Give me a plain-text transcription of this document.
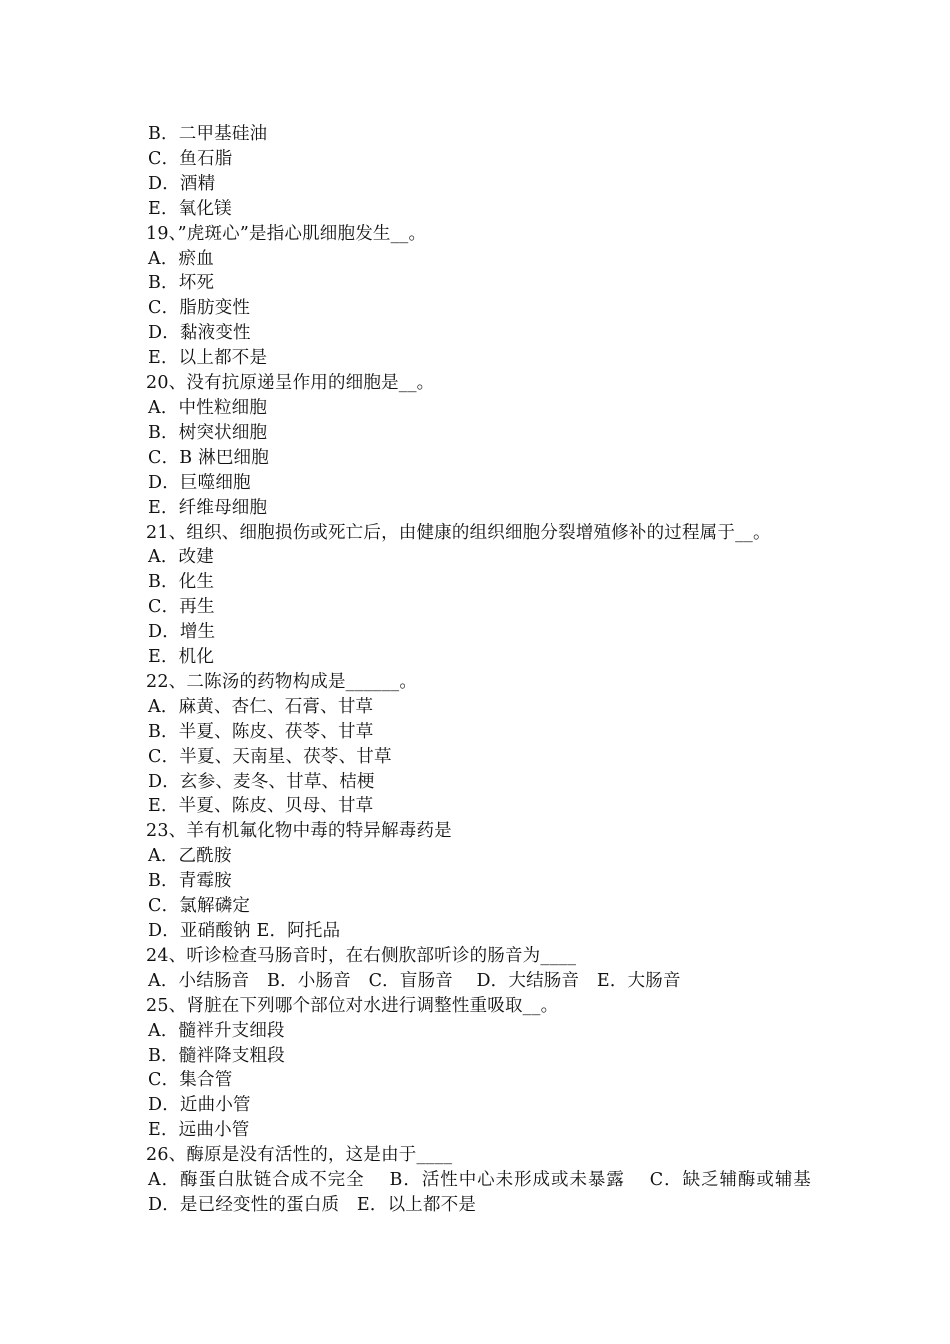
B．二甲基硅油
C．鱼石脂
D．酒精
E．氧化镁
19、”虎斑心”是指心肌细胞发生__。
A．瘀血
B．坏死
C．脂肪变性
D．黏液变性
E．以上都不是
20、没有抗原递呈作用的细胞是__。
A．中性粒细胞
B．树突状细胞
C．B 淋巴细胞
D．巨噬细胞
E．纤维母细胞
21、组织、细胞损伤或死亡后，由健康的组织细胞分裂增殖修补的过程属于__。
A．改建
B．化生
C．再生
D．增生
E．机化
22、二陈汤的药物构成是______。
A．麻黄、杏仁、石膏、甘草
B．半夏、陈皮、茯苓、甘草
C．半夏、天南星、茯苓、甘草
D．玄参、麦冬、甘草、桔梗
E．半夏、陈皮、贝母、甘草
23、羊有机氟化物中毒的特异解毒药是
A．乙酰胺
B．青霉胺
C．氯解磷定
D．亚硝酸钠 E．阿托品
24、听诊检查马肠音时，在右侧肷部听诊的肠音为____
A．小结肠音　B．小肠音　C．盲肠音　 D．大结肠音　E．大肠音
25、肾脏在下列哪个部位对水进行调整性重吸取__。
A．髓袢升支细段
B．髓袢降支粗段
C．集合管
D．近曲小管
E．远曲小管
26、酶原是没有活性的，这是由于____
A．酶蛋白肽链合成不完全　 B．活性中心未形成或未暴露　 C．缺乏辅酶或辅基　D．是已经变性的蛋白质　E．以上都不是
